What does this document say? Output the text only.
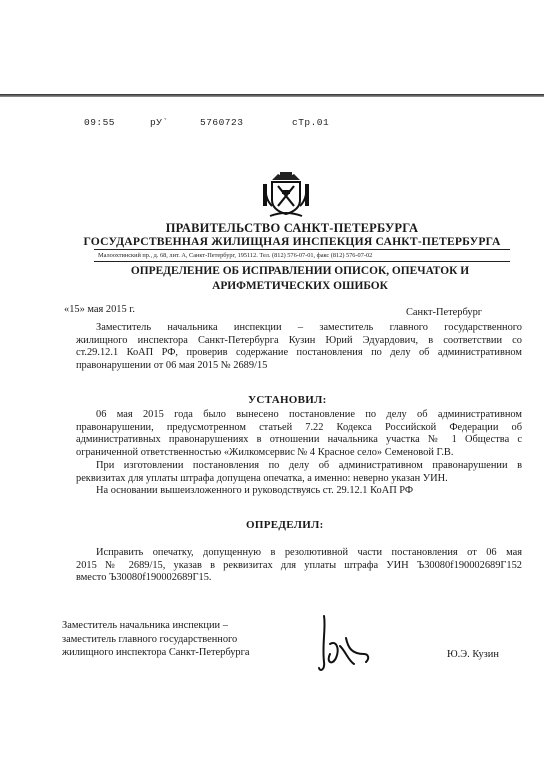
09:55	рУ`	5760723	сТр.01
ПРАВИТЕЛЬСТВО САНКТ-ПЕТЕРБУРГА
ГОСУДАРСТВЕННАЯ ЖИЛИЩНАЯ ИНСПЕКЦИЯ САНКТ-ПЕТЕРБУРГА
Малоохтинский пр., д. 68, лит. А, Санкт-Петербург, 195112. Тел. (812) 576-07-01, факс (812) 576-07-02
ОПРЕДЕЛЕНИЕ ОБ ИСПРАВЛЕНИИ ОПИСОК, ОПЕЧАТОК И
АРИФМЕТИЧЕСКИХ ОШИБОК
«15» мая 2015 г.	Санкт-Петербург
Заместитель начальника инспекции – заместитель главного государственного
жилищного инспектора Санкт-Петербурга Кузин Юрий Эдуардович, в соответствии со
ст.29.12.1 КоАП РФ, проверив содержание постановления по делу об административном
правонарушении от 06 мая 2015 № 2689/15
УСТАНОВИЛ:
06 мая 2015 года было вынесено постановление по делу об административном
правонарушении, предусмотренном статьей 7.22 Кодекса Российской Федерации об
административных правонарушениях в отношении начальника участка № 1 Общества с
ограниченной ответственностью «Жилкомсервис № 4 Красное село» Семеновой Г.В.
При изготовлении постановления по делу об административном правонарушении в
реквизитах для уплаты штрафа допущена опечатка, а именно: неверно указан УИН.
На основании вышеизложенного и руководствуясь ст. 29.12.1 КоАП РФ
ОПРЕДЕЛИЛ:
Исправить опечатку, допущенную в резолютивной части постановления от 06 мая
2015 № 2689/15, указав в реквизитах для уплаты штрафа УИН Ъ30080f190002689Г152
вместо Ъ30080f190002689Г15.
Заместитель начальника инспекции –
заместитель главного государственного
жилищного инспектора Санкт-Петербурга	Ю.Э. Кузин
